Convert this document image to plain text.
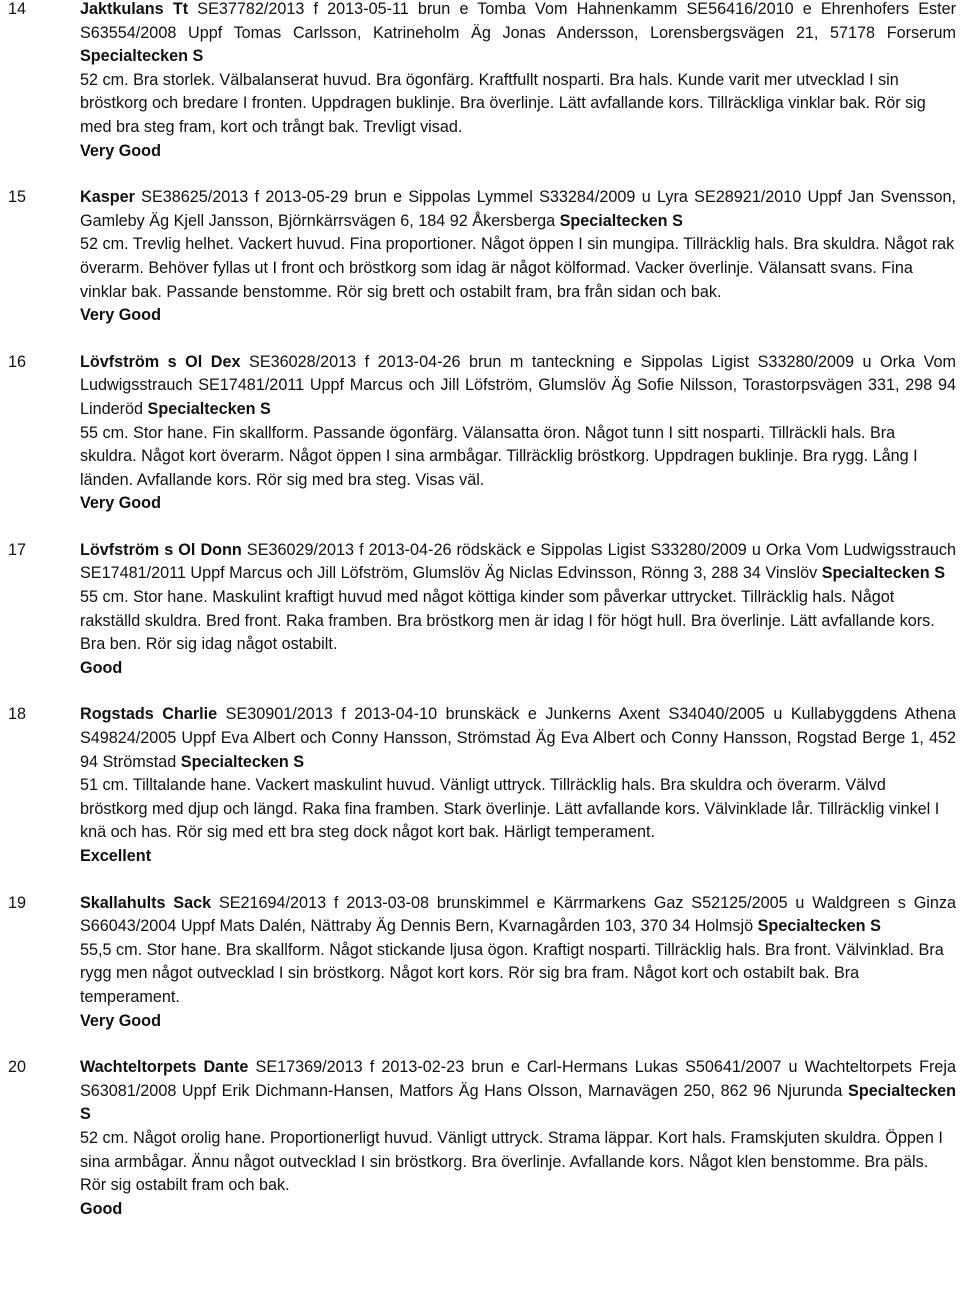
14	Jaktkulans Tt SE37782/2013 f 2013-05-11 brun e Tomba Vom Hahnenkamm SE56416/2010 e Ehrenhofers Ester S63554/2008 Uppf Tomas Carlsson, Katrineholm Äg Jonas Andersson, Lorensbergsvägen 21, 57178 Forserum Specialtecken S

52 cm. Bra storlek. Välbalanserat huvud. Bra ögonfärg. Kraftfullt nosparti. Bra hals. Kunde varit mer utvecklad I sin bröstkorg och bredare I fronten. Uppdragen buklinje. Bra överlinje. Lätt avfallande kors. Tillräckliga vinklar bak. Rör sig med bra steg fram, kort och trångt bak. Trevligt visad.

Very Good
15	Kasper SE38625/2013 f 2013-05-29 brun e Sippolas Lymmel S33284/2009 u Lyra SE28921/2010 Uppf Jan Svensson, Gamleby Äg Kjell Jansson, Björnkärrsvägen 6, 184 92 Åkersberga Specialtecken S

52 cm. Trevlig helhet. Vackert huvud. Fina proportioner. Något öppen I sin mungipa. Tillräcklig hals. Bra skuldra. Något rak överarm. Behöver fyllas ut I front och bröstkorg som idag är något kölformad. Vacker överlinje. Välansatt svans. Fina vinklar bak. Passande benstomme. Rör sig brett och ostabilt fram, bra från sidan och bak.

Very Good
16	Lövfström s Ol Dex SE36028/2013 f 2013-04-26 brun m tanteckning e Sippolas Ligist S33280/2009 u Orka Vom Ludwigsstrauch SE17481/2011 Uppf Marcus och Jill Löfström, Glumslöv Äg Sofie Nilsson, Torastorpsvägen 331, 298 94 Linderöd Specialtecken S

55 cm. Stor hane. Fin skallform. Passande ögonfärg. Välansatta öron. Något tunn I sitt nosparti. Tillräckli hals. Bra skuldra. Något kort överarm. Något öppen I sina armbågar. Tillräcklig bröstkorg. Uppdragen buklinje. Bra rygg. Lång I länden. Avfallande kors. Rör sig med bra steg. Visas väl.

Very Good
17	Lövfström s Ol Donn SE36029/2013 f 2013-04-26 rödskäck e Sippolas Ligist S33280/2009 u Orka Vom Ludwigsstrauch SE17481/2011 Uppf Marcus och Jill Löfström, Glumslöv Äg Niclas Edvinsson, Rönng 3, 288 34 Vinslöv Specialtecken S

55 cm. Stor hane. Maskulint kraftigt huvud med något köttiga kinder som påverkar uttrycket. Tillräcklig hals. Något rakställd skuldra. Bred front. Raka framben. Bra bröstkorg men är idag I för högt hull. Bra överlinje. Lätt avfallande kors. Bra ben. Rör sig idag något ostabilt.

Good
18	Rogstads Charlie SE30901/2013 f 2013-04-10 brunskäck e Junkerns Axent S34040/2005 u Kullabyggdens Athena S49824/2005 Uppf Eva Albert och Conny Hansson, Strömstad Äg Eva Albert och Conny Hansson, Rogstad Berge 1, 452 94 Strömstad Specialtecken S

51 cm. Tilltalande hane. Vackert maskulint huvud. Vänligt uttryck. Tillräcklig hals. Bra skuldra och överarm. Välvd bröstkorg med djup och längd. Raka fina framben. Stark överlinje. Lätt avfallande kors. Välvinklade lår. Tillräcklig vinkel I knä och has. Rör sig med ett bra steg dock något kort bak. Härligt temperament.

Excellent
19	Skallahults Sack SE21694/2013 f 2013-03-08 brunskimmel e Kärrmarkens Gaz S52125/2005 u Waldgreen s Ginza S66043/2004 Uppf Mats Dalén, Nättraby Äg Dennis Bern, Kvarnagården 103, 370 34 Holmsjö Specialtecken S

55,5 cm. Stor hane. Bra skallform. Något stickande ljusa ögon. Kraftigt nosparti. Tillräcklig hals. Bra front. Välvinklad. Bra rygg men något outvecklad I sin bröstkorg. Något kort kors. Rör sig bra fram. Något kort och ostabilt bak. Bra temperament.

Very Good
20	Wachteltorpets Dante SE17369/2013 f 2013-02-23 brun e Carl-Hermans Lukas S50641/2007 u Wachteltorpets Freja S63081/2008 Uppf Erik Dichmann-Hansen, Matfors Äg Hans Olsson, Marnavägen 250, 862 96 Njurunda Specialtecken S

52 cm. Något orolig hane. Proportionerligt huvud. Vänligt uttryck. Strama läppar. Kort hals. Framskjuten skuldra. Öppen I sina armbågar. Ännu något outvecklad I sin bröstkorg. Bra överlinje. Avfallande kors. Något klen benstomme. Bra päls. Rör sig ostabilt fram och bak.

Good
